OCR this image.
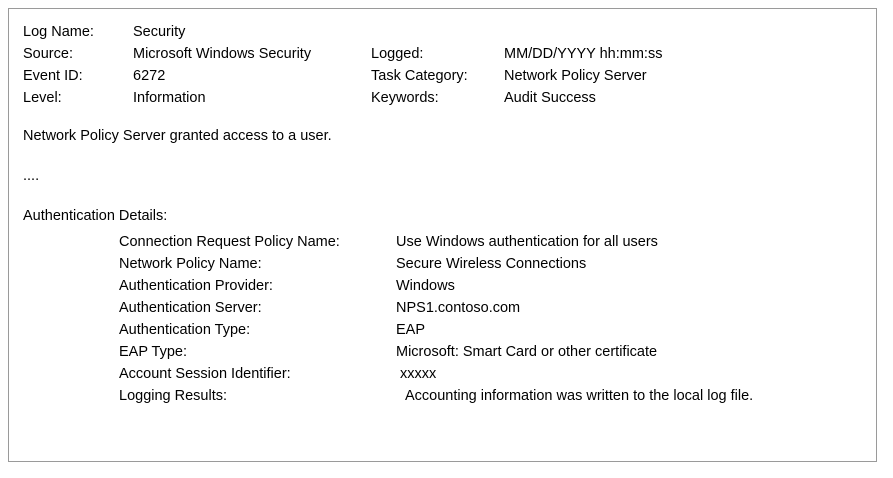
Log Name:	Security
Source:	Microsoft Windows Security	Logged:	MM/DD/YYYY hh:mm:ss
Event ID:	6272	Task Category:	Network Policy Server
Level:	Information	Keywords:	Audit Success
Network Policy Server granted access to a user.
....
Authentication Details:
Connection Request Policy Name:	Use Windows authentication for all users
Network Policy Name:	Secure Wireless Connections
Authentication Provider:	Windows
Authentication Server:	NPS1.contoso.com
Authentication Type:	EAP
EAP Type:	Microsoft: Smart Card or other certificate
Account Session Identifier:	xxxxx
Logging Results:	Accounting information was written to the local log file.
